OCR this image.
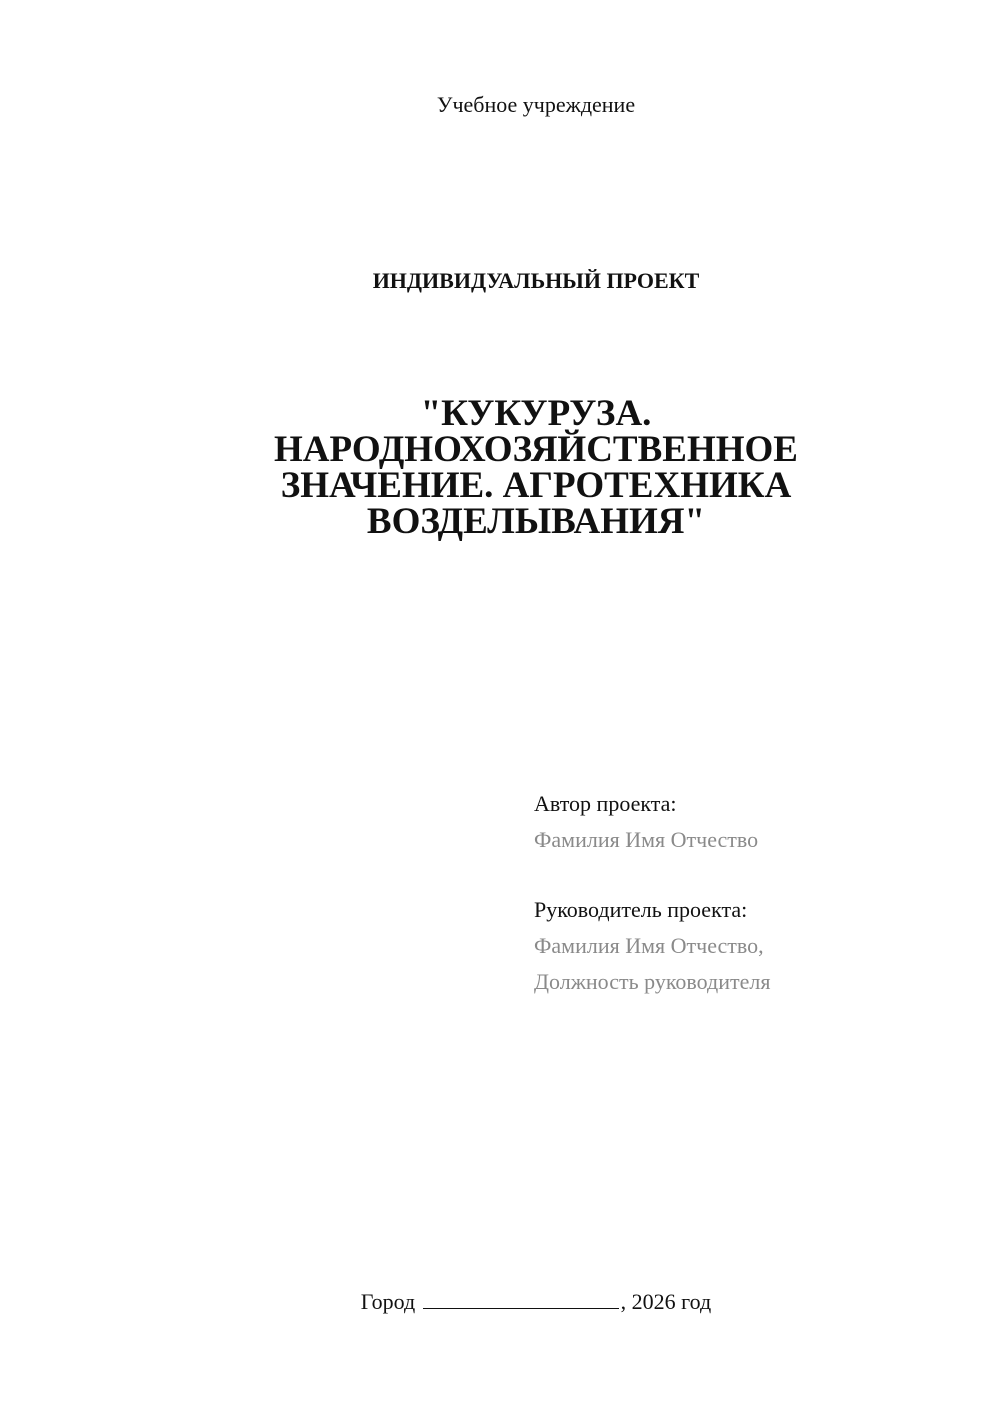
Учебное учреждение
ИНДИВИДУАЛЬНЫЙ ПРОЕКТ
"КУКУРУЗА.
НАРОДНОХОЗЯЙСТВЕННОЕ
ЗНАЧЕНИЕ. АГРОТЕХНИКА
ВОЗДЕЛЫВАНИЯ"
Автор проекта:
Фамилия Имя Отчество
Руководитель проекта:
Фамилия Имя Отчество,
Должность руководителя
Город	, 2026 год
